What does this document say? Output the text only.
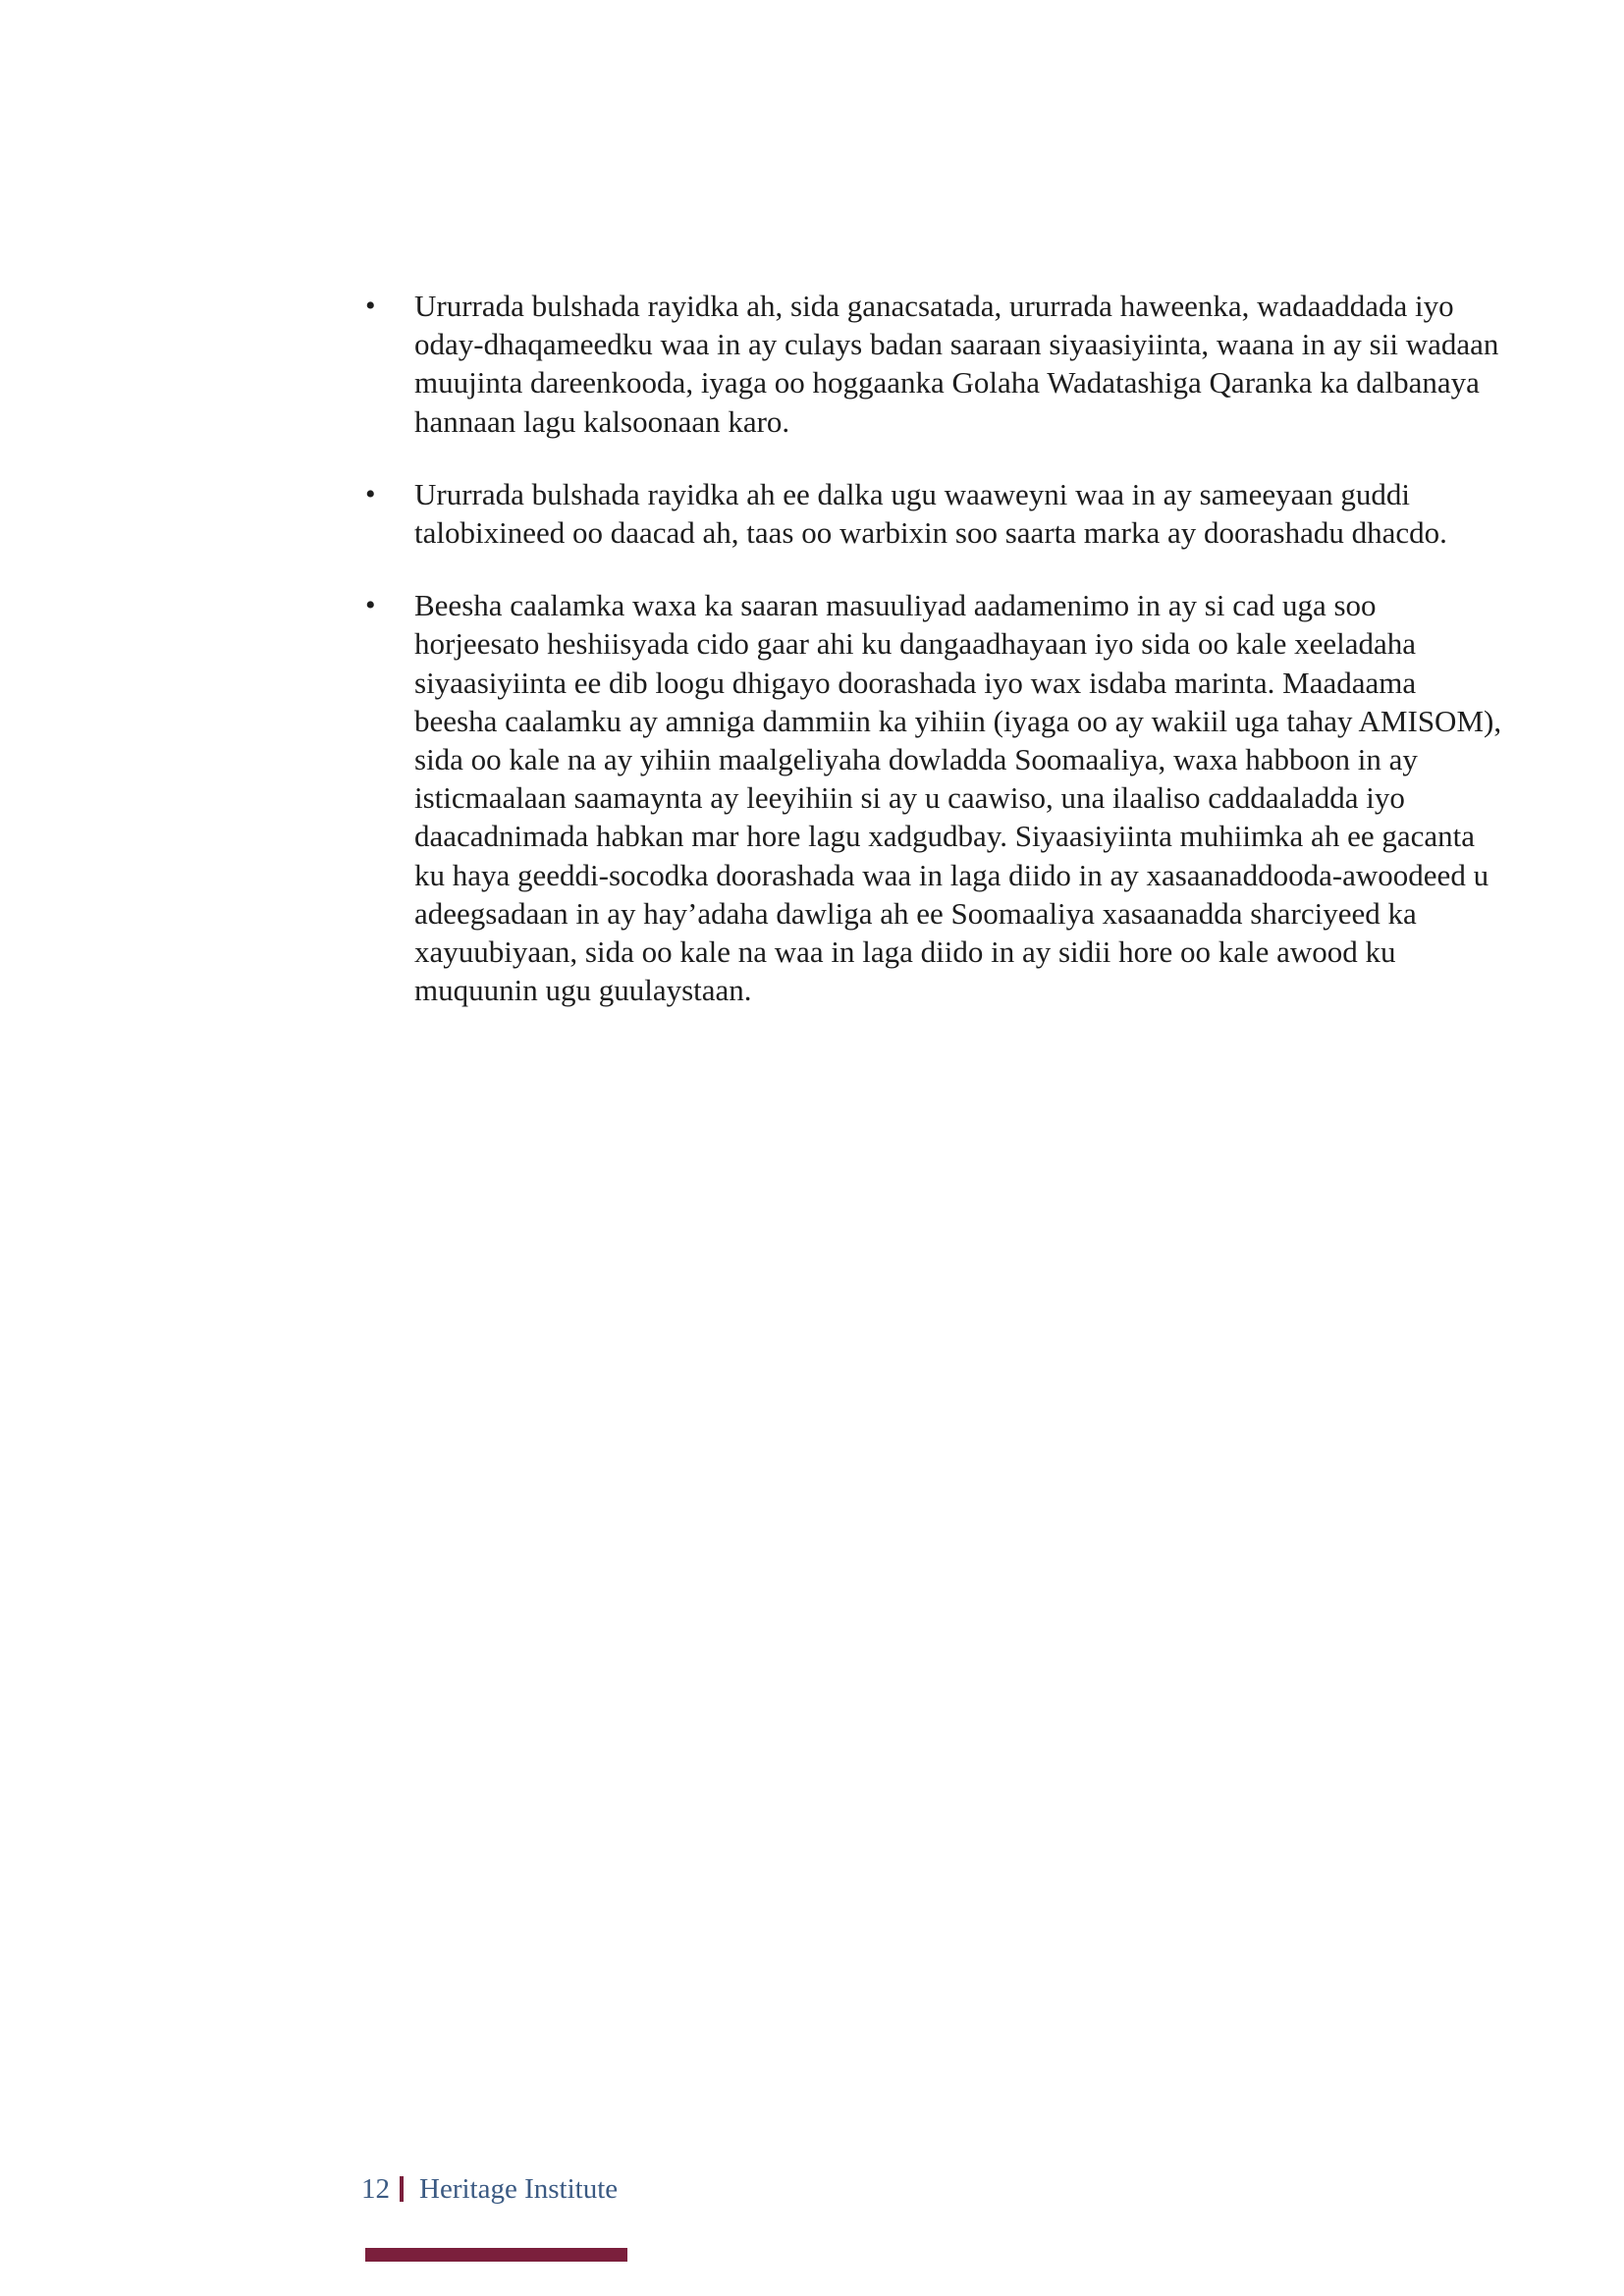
•	Ururrada bulshada rayidka ah, sida ganacsatada, ururrada haweenka, wadaaddada iyo oday-dhaqameedku waa in ay culays badan saaraan siyaasiyiinta, waana in ay sii wadaan muujinta dareenkooda, iyaga oo hoggaanka Golaha Wadatashiga Qaranka ka dalbanaya hannaan lagu kalsoonaan karo.
•	Ururrada bulshada rayidka ah ee dalka ugu waaweyni waa in ay sameeyaan guddi talobixineed oo daacad ah, taas oo warbixin soo saarta marka ay doorashadu dhacdo.
•	Beesha caalamka waxa ka saaran masuuliyad aadamenimo in ay si cad uga soo horjeesato heshiisyada cido gaar ahi ku dangaadhayaan iyo sida oo kale xeeladaha siyaasiyiinta ee dib loogu dhigayo doorashada iyo wax isdaba marinta. Maadaama beesha caalamku ay amniga dammiin ka yihiin (iyaga oo ay wakiil uga tahay AMISOM), sida oo kale na ay yihiin maalgeliyaha dowladda Soomaaliya, waxa habboon in ay isticmaalaan saamaynta ay leeyihiin si ay u caawiso, una ilaaliso caddaaladda iyo daacadnimada habkan mar hore lagu xadgudbay. Siyaasiyiinta muhiimka ah ee gacanta ku haya geeddi-socodka doorashada waa in laga diido in ay xasaanaddooda-awoodeed u adeegsadaan in ay hay’adaha dawliga ah ee Soomaaliya xasaanadda sharciyeed ka xayuubiyaan, sida oo kale na waa in laga diido in ay sidii hore oo kale awood ku muquunin ugu guulaystaan.
12 Heritage Institute
